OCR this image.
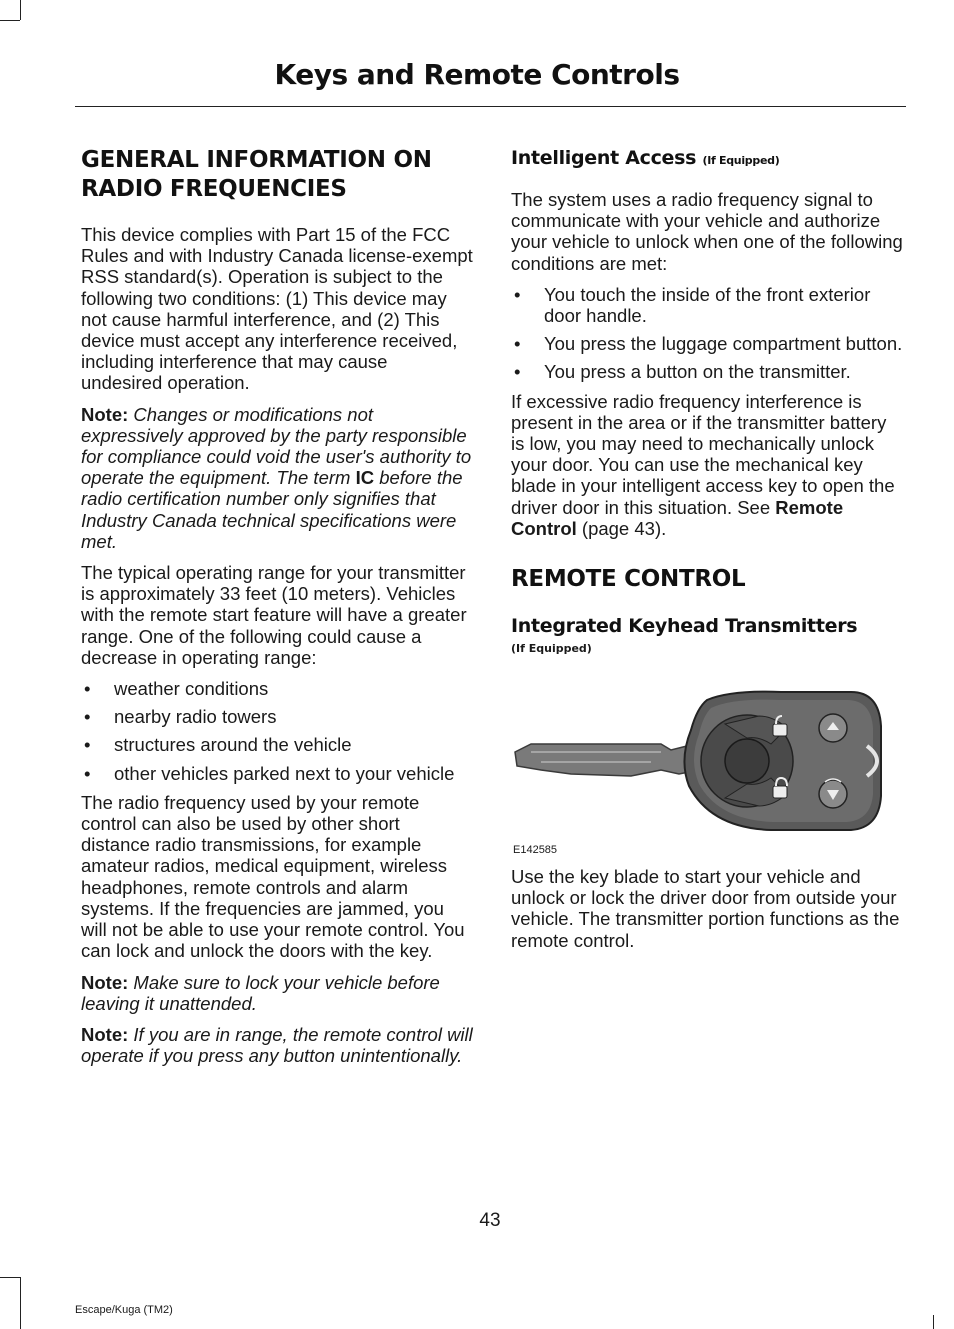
Keys and Remote Controls
GENERAL INFORMATION ON RADIO FREQUENCIES

This device complies with Part 15 of the FCC Rules and with Industry Canada license-exempt RSS standard(s). Operation is subject to the following two conditions: (1) This device may not cause harmful interference, and (2) This device must accept any interference received, including interference that may cause undesired operation.

Note: Changes or modifications not expressively approved by the party responsible for compliance could void the user's authority to operate the equipment. The term IC before the radio certification number only signifies that Industry Canada technical specifications were met.

The typical operating range for your transmitter is approximately 33 feet (10 meters). Vehicles with the remote start feature will have a greater range. One of the following could cause a decrease in operating range:

• weather conditions
• nearby radio towers
• structures around the vehicle
• other vehicles parked next to your vehicle

The radio frequency used by your remote control can also be used by other short distance radio transmissions, for example amateur radios, medical equipment, wireless headphones, remote controls and alarm systems. If the frequencies are jammed, you will not be able to use your remote control. You can lock and unlock the doors with the key.

Note: Make sure to lock your vehicle before leaving it unattended.

Note: If you are in range, the remote control will operate if you press any button unintentionally.

Intelligent Access (If Equipped)

The system uses a radio frequency signal to communicate with your vehicle and authorize your vehicle to unlock when one of the following conditions are met:

• You touch the inside of the front exterior door handle.
• You press the luggage compartment button.
• You press a button on the transmitter.

If excessive radio frequency interference is present in the area or if the transmitter battery is low, you may need to mechanically unlock your door. You can use the mechanical key blade in your intelligent access key to open the driver door in this situation. See Remote Control (page 43).

REMOTE CONTROL
Integrated Keyhead Transmitters
(If Equipped)
E142585

Use the key blade to start your vehicle and unlock or lock the driver door from outside your vehicle. The transmitter portion functions as the remote control.

43
Escape/Kuga (TM2)
